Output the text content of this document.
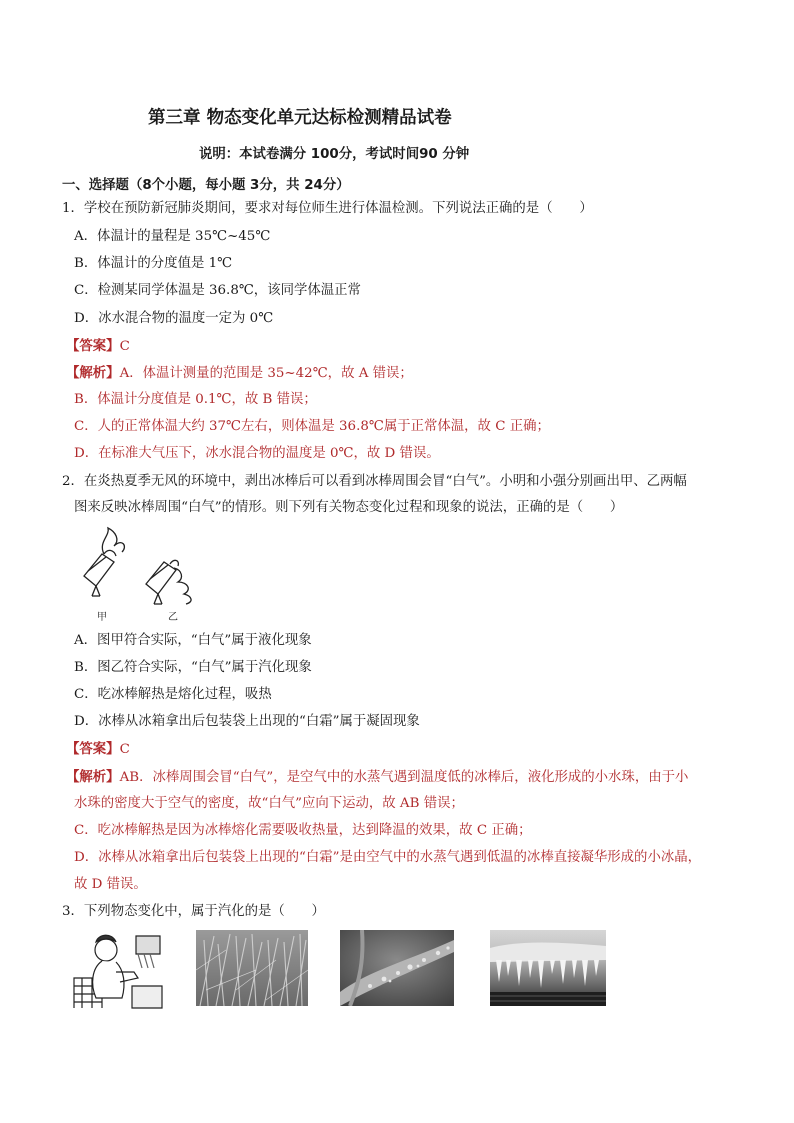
第三章 物态变化单元达标检测精品试卷
说明：本试卷满分 100分，考试时间90 分钟
一、选择题（8个小题，每小题 3分，共 24分）
1．学校在预防新冠肺炎期间，要求对每位师生进行体温检测。下列说法正确的是（　　）
A．体温计的量程是 35℃~45℃
B．体温计的分度值是 1℃
C．检测某同学体温是 36.8℃，该同学体温正常
D．冰水混合物的温度一定为 0℃
【答案】C
【解析】A．体温计测量的范围是 35~42℃，故 A 错误；
B．体温计分度值是 0.1℃，故 B 错误；
C．人的正常体温大约 37℃左右，则体温是 36.8℃属于正常体温，故 C 正确；
D．在标准大气压下，冰水混合物的温度是 0℃，故 D 错误。
2．在炎热夏季无风的环境中，剥出冰棒后可以看到冰棒周围会冒“白气”。小明和小强分别画出甲、乙两幅
图来反映冰棒周围“白气”的情形。则下列有关物态变化过程和现象的说法，正确的是（　　）
甲	乙
A．图甲符合实际，“白气”属于液化现象
B．图乙符合实际，“白气”属于汽化现象
C．吃冰棒解热是熔化过程，吸热
D．冰棒从冰箱拿出后包装袋上出现的“白霜”属于凝固现象
【答案】C
【解析】AB．冰棒周围会冒“白气”，是空气中的水蒸气遇到温度低的冰棒后，液化形成的小水珠，由于小
水珠的密度大于空气的密度，故“白气”应向下运动，故 AB 错误；
C．吃冰棒解热是因为冰棒熔化需要吸收热量，达到降温的效果，故 C 正确；
D．冰棒从冰箱拿出后包装袋上出现的“白霜”是由空气中的水蒸气遇到低温的冰棒直接凝华形成的小冰晶，
故 D 错误。
3．下列物态变化中，属于汽化的是（　　）
